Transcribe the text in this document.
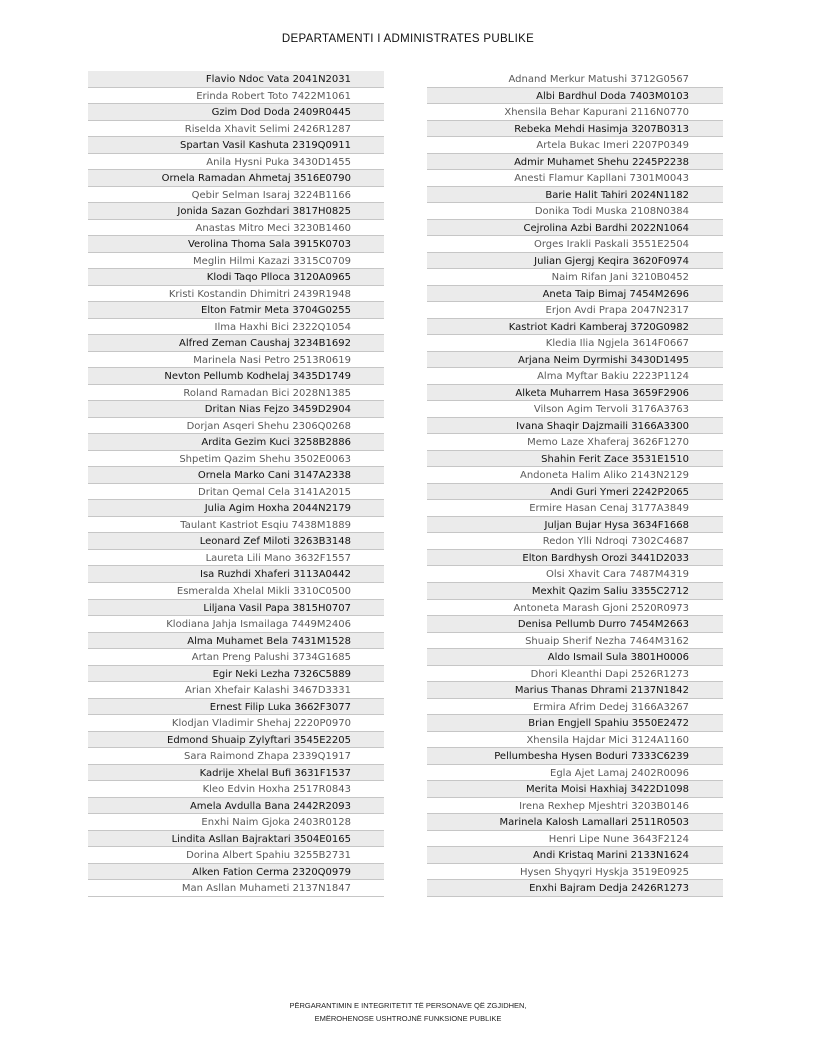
DEPARTAMENTI I ADMINISTRATES PUBLIKE
Flavio Ndoc Vata 2041N2031
Erinda Robert Toto 7422M1061
Gzim Dod Doda 2409R0445
Riselda Xhavit Selimi 2426R1287
Spartan Vasil Kashuta 2319Q0911
Anila Hysni Puka 3430D1455
Ornela Ramadan Ahmetaj 3516E0790
Qebir Selman Isaraj 3224B1166
Jonida Sazan Gozhdari 3817H0825
Anastas Mitro Meci 3230B1460
Verolina Thoma Sala 3915K0703
Meglin Hilmi Kazazi 3315C0709
Klodi Taqo Plloca 3120A0965
Kristi Kostandin Dhimitri 2439R1948
Elton Fatmir Meta 3704G0255
Ilma Haxhi Bici 2322Q1054
Alfred Zeman Caushaj 3234B1692
Marinela Nasi Petro 2513R0619
Nevton Pellumb Kodhelaj 3435D1749
Roland Ramadan Bici 2028N1385
Dritan Nias Fejzo 3459D2904
Dorjan Asqeri Shehu 2306Q0268
Ardita Gezim Kuci 3258B2886
Shpetim Qazim Shehu 3502E0063
Ornela Marko Cani 3147A2338
Dritan Qemal Cela 3141A2015
Julia Agim Hoxha 2044N2179
Taulant Kastriot Esqiu 7438M1889
Leonard Zef Miloti 3263B3148
Laureta Lili Mano 3632F1557
Isa Ruzhdi Xhaferi 3113A0442
Esmeralda Xhelal Mikli 3310C0500
Liljana Vasil Papa 3815H0707
Klodiana Jahja Ismailaga 7449M2406
Alma Muhamet Bela 7431M1528
Artan Preng Palushi 3734G1685
Egir Neki Lezha 7326C5889
Arian Xhefair Kalashi 3467D3331
Ernest Filip Luka 3662F3077
Klodjan Vladimir Shehaj 2220P0970
Edmond Shuaip Zylyftari 3545E2205
Sara Raimond Zhapa 2339Q1917
Kadrije Xhelal Bufi 3631F1537
Kleo Edvin Hoxha 2517R0843
Amela Avdulla Bana 2442R2093
Enxhi Naim Gjoka 2403R0128
Lindita Asllan Bajraktari 3504E0165
Dorina Albert Spahiu 3255B2731
Alken Fation Cerma 2320Q0979
Man Asllan Muhameti 2137N1847
Adnand Merkur Matushi 3712G0567
Albi Bardhul Doda 7403M0103
Xhensila Behar Kapurani 2116N0770
Rebeka Mehdi Hasimja 3207B0313
Artela Bukac Imeri 2207P0349
Admir Muhamet Shehu 2245P2238
Anesti Flamur Kapllani 7301M0043
Barie Halit Tahiri 2024N1182
Donika Todi Muska 2108N0384
Cejrolina Azbi Bardhi 2022N1064
Orges Irakli Paskali 3551E2504
Julian Gjergj Keqira 3620F0974
Naim Rifan Jani 3210B0452
Aneta Taip Bimaj 7454M2696
Erjon Avdi Prapa 2047N2317
Kastriot Kadri Kamberaj 3720G0982
Kledia Ilia Ngjela 3614F0667
Arjana Neim Dyrmishi 3430D1495
Alma Myftar Bakiu 2223P1124
Alketa Muharrem Hasa 3659F2906
Vilson Agim Tervoli 3176A3763
Ivana Shaqir Dajzmaili 3166A3300
Memo Laze Xhaferaj 3626F1270
Shahin Ferit Zace 3531E1510
Andoneta Halim Aliko 2143N2129
Andi Guri Ymeri 2242P2065
Ermire Hasan Cenaj 3177A3849
Juljan Bujar Hysa 3634F1668
Redon Ylli Ndroqi 7302C4687
Elton Bardhysh Orozi 3441D2033
Olsi Xhavit Cara 7487M4319
Mexhit Qazim Saliu 3355C2712
Antoneta Marash Gjoni 2520R0973
Denisa Pellumb Durro 7454M2663
Shuaip Sherif Nezha 7464M3162
Aldo Ismail Sula 3801H0006
Dhori Kleanthi Dapi 2526R1273
Marius Thanas Dhrami 2137N1842
Ermira Afrim Dedej 3166A3267
Brian Engjell Spahiu 3550E2472
Xhensila Hajdar Mici 3124A1160
Pellumbesha Hysen Boduri 7333C6239
Egla Ajet Lamaj 2402R0096
Merita Moisi Haxhiaj 3422D1098
Irena Rexhep Mjeshtri 3203B0146
Marinela Kalosh Lamallari 2511R0503
Henri Lipe Nune 3643F2124
Andi Kristaq Marini 2133N1624
Hysen Shyqyri Hyskja 3519E0925
Enxhi Bajram Dedja 2426R1273
PËRGARANTIMIN E INTEGRITETIT TË PERSONAVE QË ZGJIDHEN,
EMËROHENOSE USHTROJNË FUNKSIONE PUBLIKE
